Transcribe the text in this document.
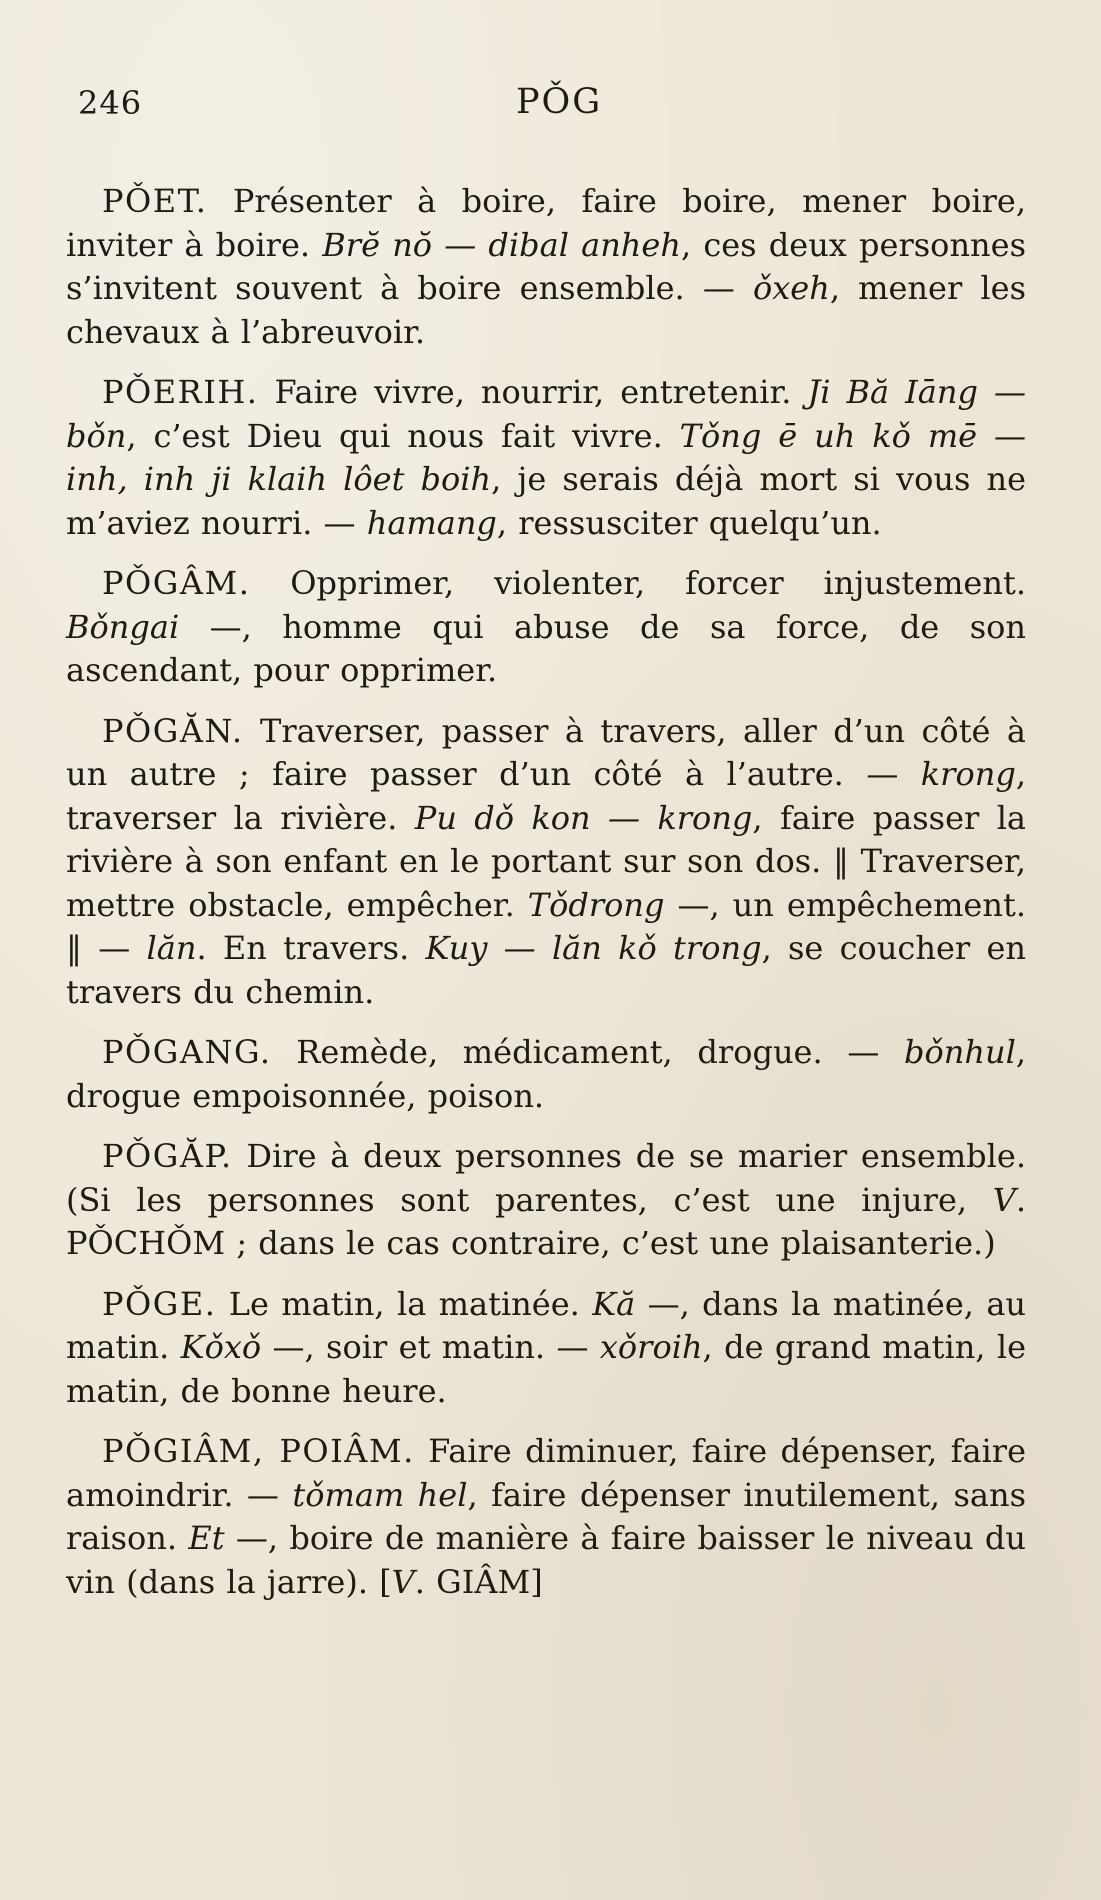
246	PǑG

PǑET. Présenter à boire, faire boire, mener boire, inviter à boire. Brĕ nŏ — dibal anheh, ces deux personnes s’invitent souvent à boire ensemble. — ǒxeh, mener les chevaux à l’abreuvoir.

PǑERIH. Faire vivre, nourrir, entretenir. Ji Bă Iāng — bǒn, c’est Dieu qui nous fait vivre. Tǒng ē uh kǒ mē — inh, inh ji klaih lôet boih, je serais déjà mort si vous ne m’aviez nourri. — hamang, ressusciter quelqu’un.

PǑGÂM. Opprimer, violenter, forcer injustement. Bǒngai —, homme qui abuse de sa force, de son ascendant, pour opprimer.

PǑGĂN. Traverser, passer à travers, aller d’un côté à un autre ; faire passer d’un côté à l’autre. — krong, traverser la rivière. Pu dǒ kon — krong, faire passer la rivière à son enfant en le portant sur son dos. ‖ Traverser, mettre obstacle, empêcher. Tǒdrong —, un empêchement. ‖ — lăn. En travers. Kuy — lăn kǒ trong, se coucher en travers du chemin.

PǑGANG. Remède, médicament, drogue. — bǒnhul, drogue empoisonnée, poison.

PǑGĂP. Dire à deux personnes de se marier ensemble. (Si les personnes sont parentes, c’est une injure, V. PǑCHǑM ; dans le cas contraire, c’est une plaisanterie.)

PǑGE. Le matin, la matinée. Kă —, dans la matinée, au matin. Kǒxǒ —, soir et matin. — xǒroih, de grand matin, le matin, de bonne heure.

PǑGIÂM, POIÂM. Faire diminuer, faire dépenser, faire amoindrir. — tǒmam hel, faire dépenser inutilement, sans raison. Et —, boire de manière à faire baisser le niveau du vin (dans la jarre). [V. GIÂM]
